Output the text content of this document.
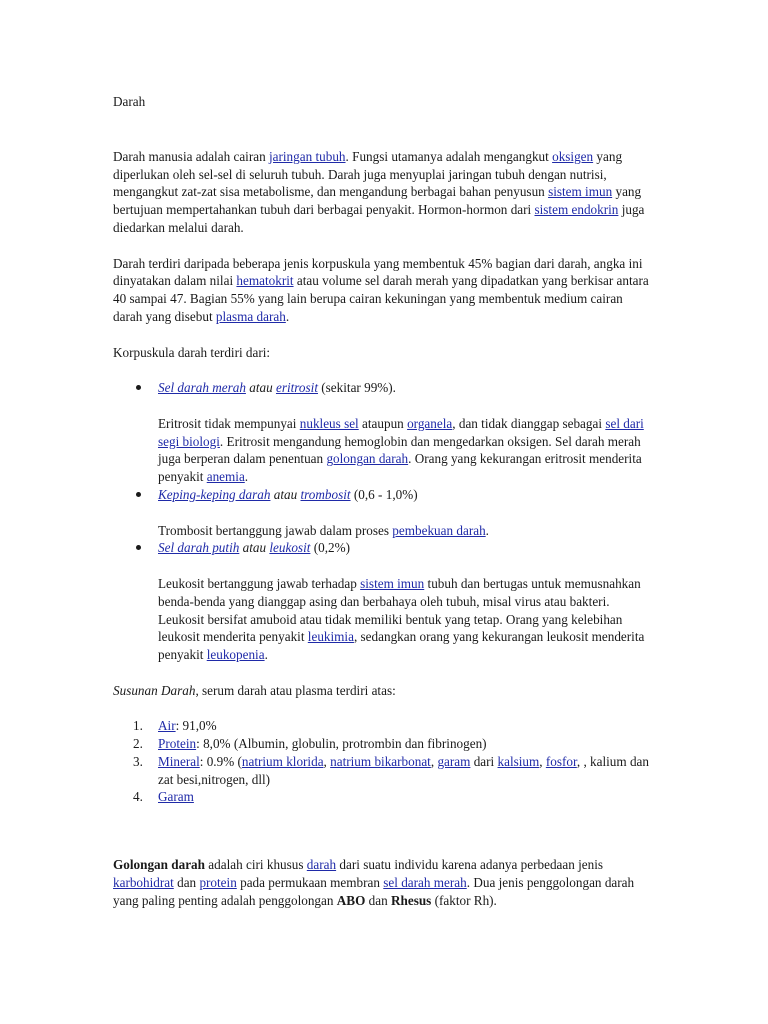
Darah

Darah manusia adalah cairan jaringan tubuh. Fungsi utamanya adalah mengangkut oksigen yang diperlukan oleh sel-sel di seluruh tubuh. Darah juga menyuplai jaringan tubuh dengan nutrisi, mengangkut zat-zat sisa metabolisme, dan mengandung berbagai bahan penyusun sistem imun yang bertujuan mempertahankan tubuh dari berbagai penyakit. Hormon-hormon dari sistem endokrin juga diedarkan melalui darah.

Darah terdiri daripada beberapa jenis korpuskula yang membentuk 45% bagian dari darah, angka ini dinyatakan dalam nilai hematokrit atau volume sel darah merah yang dipadatkan yang berkisar antara 40 sampai 47. Bagian 55% yang lain berupa cairan kekuningan yang membentuk medium cairan darah yang disebut plasma darah.

Korpuskula darah terdiri dari:

Sel darah merah atau eritrosit (sekitar 99%).
Eritrosit tidak mempunyai nukleus sel ataupun organela, dan tidak dianggap sebagai sel dari segi biologi. Eritrosit mengandung hemoglobin dan mengedarkan oksigen. Sel darah merah juga berperan dalam penentuan golongan darah. Orang yang kekurangan eritrosit menderita penyakit anemia.
Keping-keping darah atau trombosit (0,6 - 1,0%)
Trombosit bertanggung jawab dalam proses pembekuan darah.
Sel darah putih atau leukosit (0,2%)
Leukosit bertanggung jawab terhadap sistem imun tubuh dan bertugas untuk memusnahkan benda-benda yang dianggap asing dan berbahaya oleh tubuh, misal virus atau bakteri. Leukosit bersifat amuboid atau tidak memiliki bentuk yang tetap. Orang yang kelebihan leukosit menderita penyakit leukimia, sedangkan orang yang kekurangan leukosit menderita penyakit leukopenia.

Susunan Darah, serum darah atau plasma terdiri atas:

1. Air: 91,0%
2. Protein: 8,0% (Albumin, globulin, protrombin dan fibrinogen)
3. Mineral: 0.9% (natrium klorida, natrium bikarbonat, garam dari kalsium, fosfor, , kalium dan zat besi,nitrogen, dll)
4. Garam

Golongan darah adalah ciri khusus darah dari suatu individu karena adanya perbedaan jenis karbohidrat dan protein pada permukaan membran sel darah merah. Dua jenis penggolongan darah yang paling penting adalah penggolongan ABO dan Rhesus (faktor Rh).
